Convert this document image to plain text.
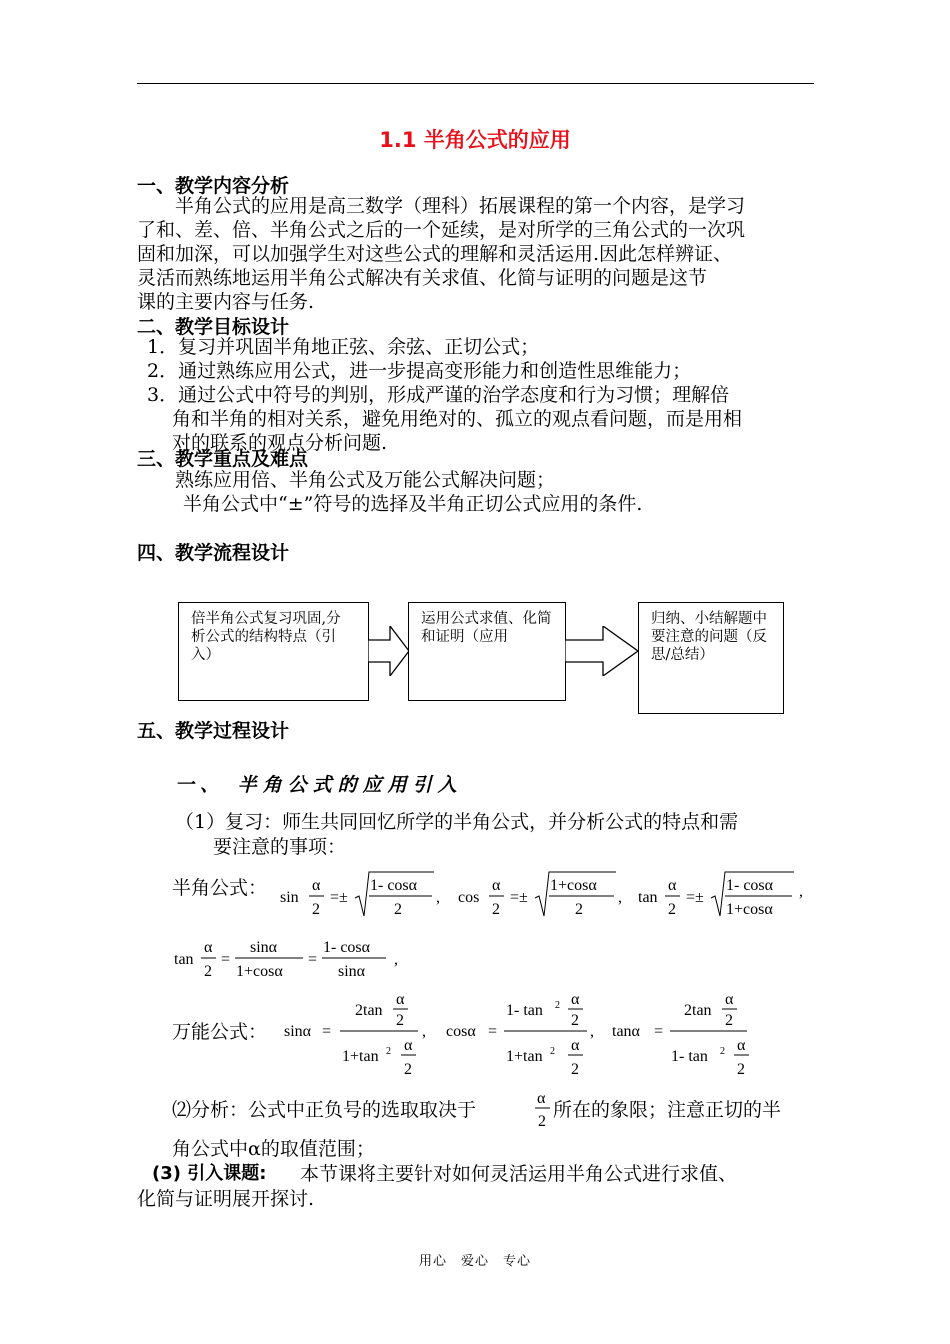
1.1 半角公式的应用
一、教学内容分析
半角公式的应用是高三数学（理科）拓展课程的第一个内容，是学习
了和、差、倍、半角公式之后的一个延续，是对所学的三角公式的一次巩
固和加深，可以加强学生对这些公式的理解和灵活运用.因此怎样辨证、
灵活而熟练地运用半角公式解决有关求值、化简与证明的问题是这节
课的主要内容与任务.
二、教学目标设计
1．复习并巩固半角地正弦、余弦、正切公式；
2．通过熟练应用公式，进一步提高变形能力和创造性思维能力；
3．通过公式中符号的判别，形成严谨的治学态度和行为习惯；理解倍
角和半角的相对关系，避免用绝对的、孤立的观点看问题，而是用相
对的联系的观点分析问题.
三、教学重点及难点
熟练应用倍、半角公式及万能公式解决问题；
半角公式中“±”符号的选择及半角正切公式应用的条件.
四、教学流程设计
倍半角公式复习巩固,分析公式的结构特点（引入）
运用公式求值、化简和证明（应用
归纳、小结解题中要注意的问题（反思/总结）
五、教学过程设计
一、 半角公式的应用引入
（1）复习：师生共同回忆所学的半角公式，并分析公式的特点和需
要注意的事项：
半角公式： sin
α
2
=±
1- cosα
2
, cos
α
2
=±
1+cosα
2
, tan
α
2
=±
1- cosα
1+cosα
,
tan
α
2
=
sinα
1+cosα
=
1- cosα
sinα
,
万能公式： sinα =
2tan
α
2
1+tan 2 α
2
, cosα =
1- tan 2 α
2
1+tan 2 α
2
, tanα =
2tan
α
2
1- tan 2 α
2
⑵分析：公式中正负号的选取取决于
α
2
所在的象限；注意正切的半
角公式中α的取值范围；
(3) 引入课题: 本节课将主要针对如何灵活运用半角公式进行求值、
化简与证明展开探讨.
用心　爱心　专心
